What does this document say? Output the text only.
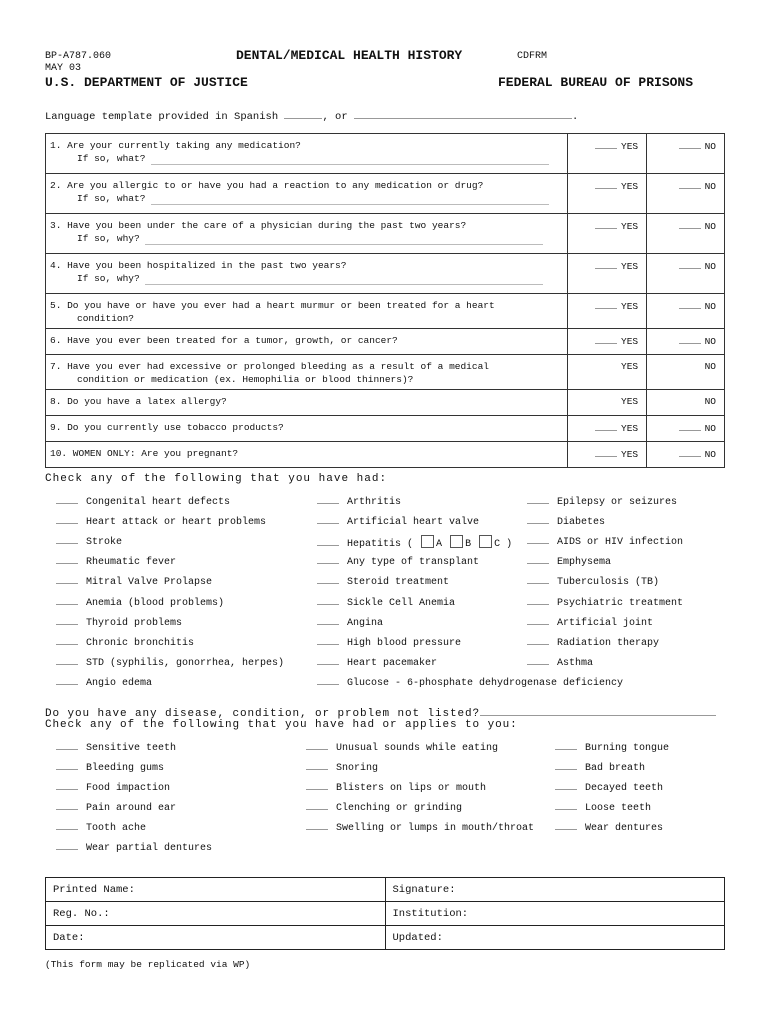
BP-A787.060
MAY 03
DENTAL/MEDICAL HEALTH HISTORY	CDFRM
U.S. DEPARTMENT OF JUSTICE	FEDERAL BUREAU OF PRISONS
Language template provided in Spanish	, or	.
1. Are your currently taking any medication?
If so, what?	YES	NO

2. Are you allergic to or have you had a reaction to any medication or drug?
If so, what?	YES	NO

3. Have you been under the care of a physician during the past two years?
If so, why?	YES	NO

4. Have you been hospitalized in the past two years?
If so, why?	YES	NO

5. Do you have or have you ever had a heart murmur or been treated for a heart
condition?	YES	NO

6. Have you ever been treated for a tumor, growth, or cancer?	YES	NO

7. Have you ever had excessive or prolonged bleeding as a result of a medical
condition or medication (ex. Hemophilia or blood thinners)?	YES	NO

8. Do you have a latex allergy?	YES	NO

9. Do you currently use tobacco products?	YES	NO

10. WOMEN ONLY: Are you pregnant?	YES	NO
Check any of the following that you have had:
Congenital heart defects
Heart attack or heart problems
Stroke
Rheumatic fever
Mitral Valve Prolapse
Anemia (blood problems)
Thyroid problems
Chronic bronchitis
STD (syphilis, gonorrhea, herpes)
Angio edema
Arthritis
Artificial heart valve
Any type of transplant
Steroid treatment
Sickle Cell Anemia
Angina
High blood pressure
Heart pacemaker
Glucose - 6-phosphate dehydrogenase deficiency
Epilepsy or seizures
Diabetes
AIDS or HIV infection
Emphysema
Tuberculosis (TB)
Psychiatric treatment
Artificial joint
Radiation therapy
Asthma
Hepatitis ( A B C )
Do you have any disease, condition, or problem not listed?
Check any of the following that you have had or applies to you:
Sensitive teeth
Bleeding gums
Food impaction
Pain around ear
Tooth ache
Wear partial dentures
Unusual sounds while eating
Snoring
Blisters on lips or mouth
Clenching or grinding
Swelling or lumps in mouth/throat
Burning tongue
Bad breath
Decayed teeth
Loose teeth
Wear dentures
Printed Name:	Signature:
Reg. No.:	Institution:
Date:	Updated:
(This form may be replicated via WP)
